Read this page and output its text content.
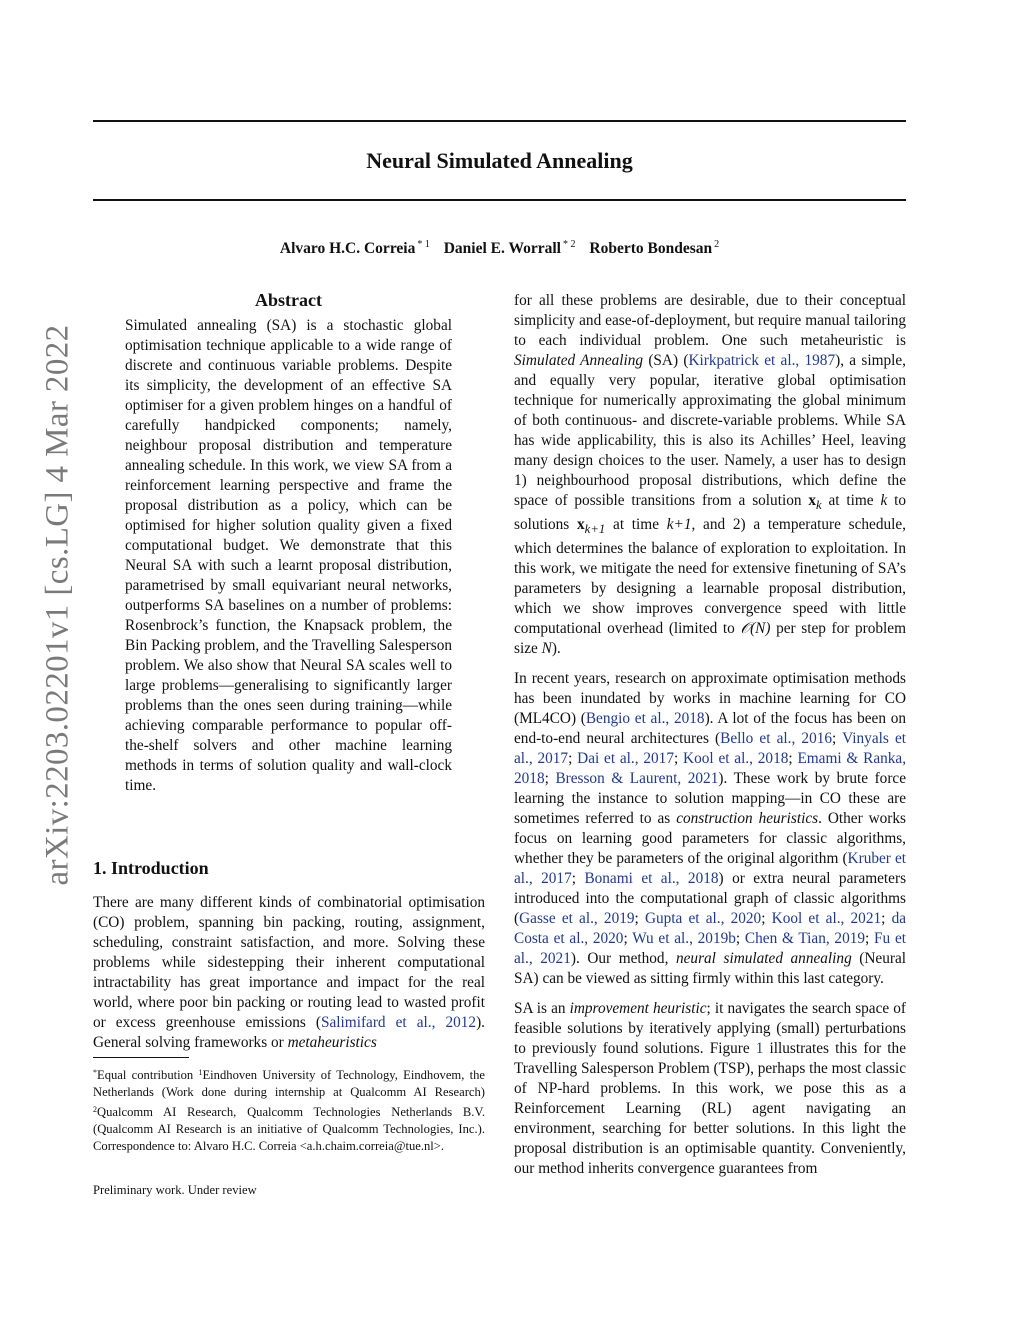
arXiv:2203.02201v1 [cs.LG] 4 Mar 2022
Neural Simulated Annealing
Alvaro H.C. Correia $^{* 1}$ Daniel E. Worrall $^{* 2}$ Roberto Bondesan $^2$
Abstract

Simulated annealing (SA) is a stochastic global optimisation technique applicable to a wide range of discrete and continuous variable problems. Despite its simplicity, the development of an effective SA optimiser for a given problem hinges on a handful of carefully handpicked components; namely, neighbour proposal distribution and temperature annealing schedule. In this work, we view SA from a reinforcement learning perspective and frame the proposal distribution as a policy, which can be optimised for higher solution quality given a fixed computational budget. We demonstrate that this Neural SA with such a learnt proposal distribution, parametrised by small equivariant neural networks, outperforms SA baselines on a number of problems: Rosenbrock’s function, the Knapsack problem, the Bin Packing problem, and the Travelling Salesperson problem. We also show that Neural SA scales well to large problems—generalising to significantly larger problems than the ones seen during training—while achieving comparable performance to popular off-the-shelf solvers and other machine learning methods in terms of solution quality and wall-clock time.

1. Introduction

There are many different kinds of combinatorial optimisation (CO) problem, spanning bin packing, routing, assignment, scheduling, constraint satisfaction, and more. Solving these problems while sidestepping their inherent computational intractability has great importance and impact for the real world, where poor bin packing or routing lead to wasted profit or excess greenhouse emissions (Salimifard et al., 2012). General solving frameworks or metaheuristics

*Equal contribution $^1$Eindhoven University of Technology, Eindhovem, the Netherlands (Work done during internship at Qualcomm AI Research) $^2$Qualcomm AI Research, Qualcomm Technologies Netherlands B.V. (Qualcomm AI Research is an initiative of Qualcomm Technologies, Inc.). Correspondence to: Alvaro H.C. Correia <a.h.chaim.correia@tue.nl>.
Preliminary work. Under review

for all these problems are desirable, due to their conceptual simplicity and ease-of-deployment, but require manual tailoring to each individual problem. One such metaheuristic is Simulated Annealing (SA) (Kirkpatrick et al., 1987), a simple, and equally very popular, iterative global optimisation technique for numerically approximating the global minimum of both continuous- and discrete-variable problems. While SA has wide applicability, this is also its Achilles’ Heel, leaving many design choices to the user. Namely, a user has to design 1) neighbourhood proposal distributions, which define the space of possible transitions from a solution $x_k$ at time k to solutions $x_{k+1}$ at time k+1, and 2) a temperature schedule, which determines the balance of exploration to exploitation. In this work, we mitigate the need for extensive finetuning of SA’s parameters by designing a learnable proposal distribution, which we show improves convergence speed with little computational overhead (limited to 𝒪(N) per step for problem size N).

In recent years, research on approximate optimisation methods has been inundated by works in machine learning for CO (ML4CO) (Bengio et al., 2018). A lot of the focus has been on end-to-end neural architectures (Bello et al., 2016; Vinyals et al., 2017; Dai et al., 2017; Kool et al., 2018; Emami & Ranka, 2018; Bresson & Laurent, 2021). These work by brute force learning the instance to solution mapping—in CO these are sometimes referred to as construction heuristics. Other works focus on learning good parameters for classic algorithms, whether they be parameters of the original algorithm (Kruber et al., 2017; Bonami et al., 2018) or extra neural parameters introduced into the computational graph of classic algorithms (Gasse et al., 2019; Gupta et al., 2020; Kool et al., 2021; da Costa et al., 2020; Wu et al., 2019b; Chen & Tian, 2019; Fu et al., 2021). Our method, neural simulated annealing (Neural SA) can be viewed as sitting firmly within this last category.

SA is an improvement heuristic; it navigates the search space of feasible solutions by iteratively applying (small) perturbations to previously found solutions. Figure 1 illustrates this for the Travelling Salesperson Problem (TSP), perhaps the most classic of NP-hard problems. In this work, we pose this as a Reinforcement Learning (RL) agent navigating an environment, searching for better solutions. In this light the proposal distribution is an optimisable quantity. Conveniently, our method inherits convergence guarantees from
